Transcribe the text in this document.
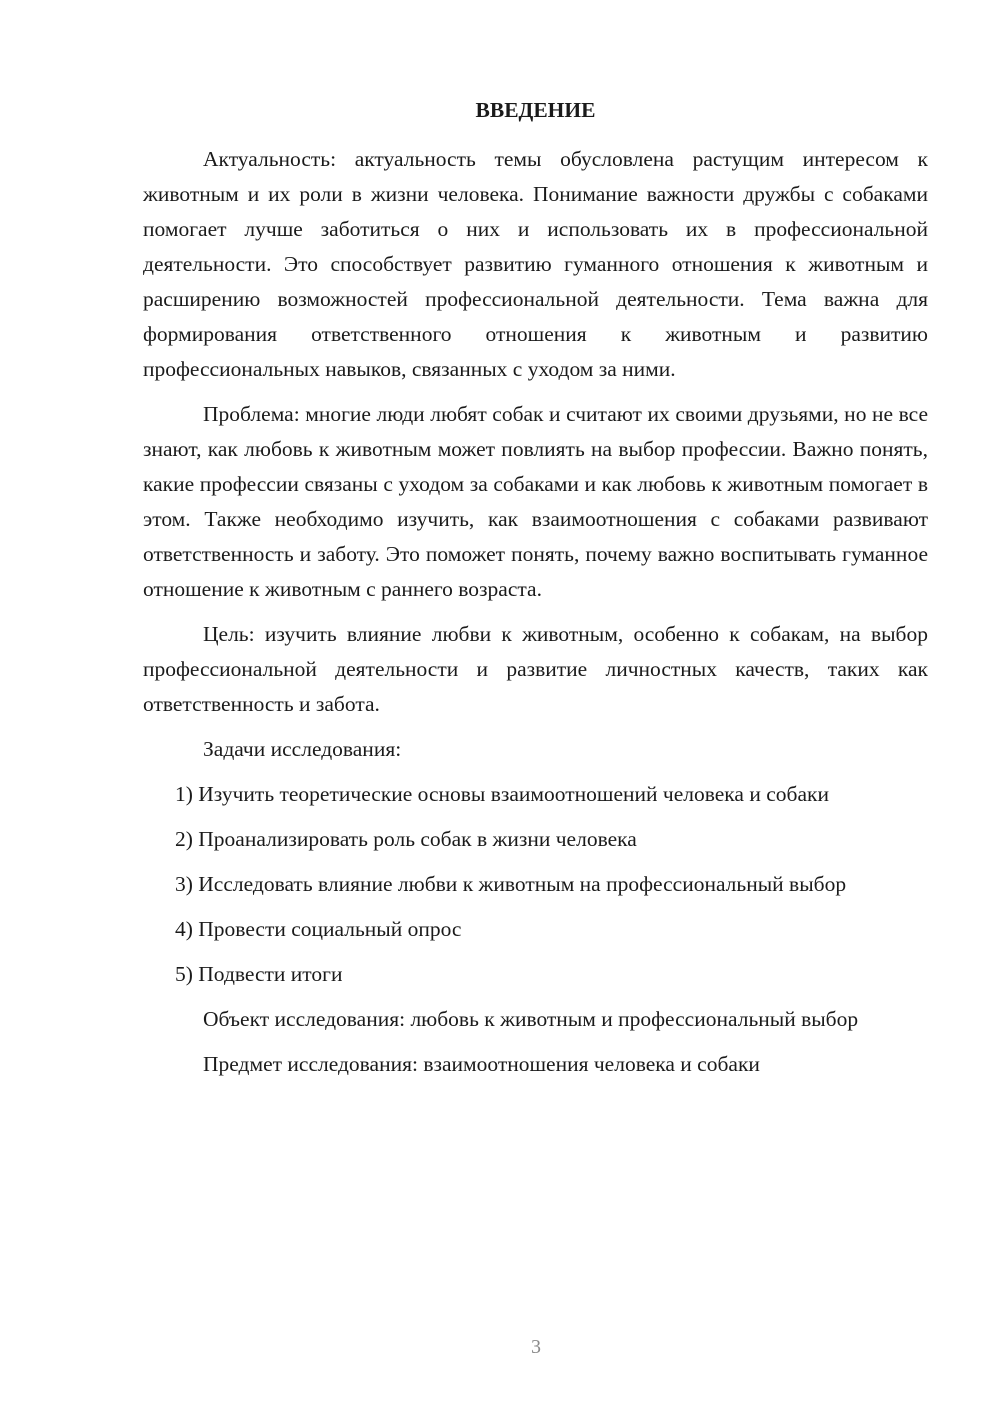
ВВЕДЕНИЕ

Актуальность: актуальность темы обусловлена растущим интересом к животным и их роли в жизни человека. Понимание важности дружбы с собаками помогает лучше заботиться о них и использовать их в профессиональной деятельности. Это способствует развитию гуманного отношения к животным и расширению возможностей профессиональной деятельности. Тема важна для формирования ответственного отношения к животным и развитию профессиональных навыков, связанных с уходом за ними.

Проблема: многие люди любят собак и считают их своими друзьями, но не все знают, как любовь к животным может повлиять на выбор профессии. Важно понять, какие профессии связаны с уходом за собаками и как любовь к животным помогает в этом. Также необходимо изучить, как взаимоотношения с собаками развивают ответственность и заботу. Это поможет понять, почему важно воспитывать гуманное отношение к животным с раннего возраста.

Цель: изучить влияние любви к животным, особенно к собакам, на выбор профессиональной деятельности и развитие личностных качеств, таких как ответственность и забота.

Задачи исследования:

1) Изучить теоретические основы взаимоотношений человека и собаки

2) Проанализировать роль собак в жизни человека

3) Исследовать влияние любви к животным на профессиональный выбор

4) Провести социальный опрос

5) Подвести итоги

Объект исследования: любовь к животным и профессиональный выбор

Предмет исследования: взаимоотношения человека и собаки

3
